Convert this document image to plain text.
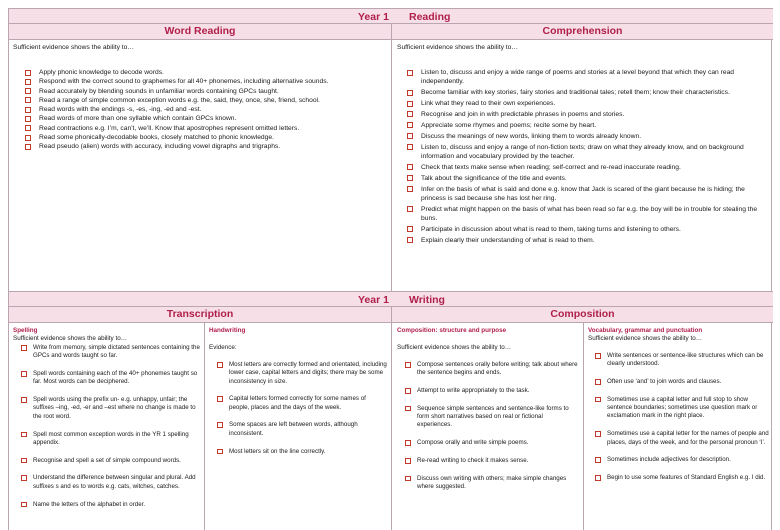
Year 1 Reading
Word Reading	Comprehension
Sufficient evidence shows the ability to…
Apply phonic knowledge to decode words.
Respond with the correct sound to graphemes for all 40+ phonemes, including alternative sounds.
Read accurately by blending sounds in unfamiliar words containing GPCs taught.
Read a range of simple common exception words e.g. the, said, they, once, she, friend, school.
Read words with the endings -s, -es, -ing, -ed and -est.
Read words of more than one syllable which contain GPCs known.
Read contractions e.g. I’m, can’t, we’ll. Know that apostrophes represent omitted letters.
Read some phonically-decodable books, closely matched to phonic knowledge.
Read pseudo (alien) words with accuracy, including vowel digraphs and trigraphs.
Sufficient evidence shows the ability to…
Listen to, discuss and enjoy a wide range of poems and stories at a level beyond that which they can read independently.
Become familiar with key stories, fairy stories and traditional tales; retell them; know their characteristics.
Link what they read to their own experiences.
Recognise and join in with predictable phrases in poems and stories.
Appreciate some rhymes and poems; recite some by heart.
Discuss the meanings of new words, linking them to words already known.
Listen to, discuss and enjoy a range of non-fiction texts; draw on what they already know, and on background information and vocabulary provided by the teacher.
Check that texts make sense when reading; self-correct and re-read inaccurate reading.
Talk about the significance of the title and events.
Infer on the basis of what is said and done e.g. know that Jack is scared of the giant because he is hiding; the princess is sad because she has lost her ring.
Predict what might happen on the basis of what has been read so far e.g. the boy will be in trouble for stealing the buns.
Participate in discussion about what is read to them, taking turns and listening to others.
Explain clearly their understanding of what is read to them.
Year 1 Writing
Transcription	Composition
Spelling
Sufficient evidence shows the ability to…
Write from memory, simple dictated sentences containing the GPCs and words taught so far.
Spell words containing each of the 40+ phonemes taught so far. Most words can be deciphered.
Spell words using the prefix un- e.g. unhappy, unfair; the suffixes –ing, -ed, -er and –est where no change is made to the root word.
Spell most common exception words in the YR 1 spelling appendix.
Recognise and spell a set of simple compound words.
Understand the difference between singular and plural. Add suffixes s and es to words e.g. cats, witches, catches.
Name the letters of the alphabet in order.
Handwriting
Evidence:
Most letters are correctly formed and orientated, including lower case, capital letters and digits; there may be some inconsistency in size.
Capital letters formed correctly for some names of people, places and the days of the week.
Some spaces are left between words, although inconsistent.
Most letters sit on the line correctly.
Composition: structure and purpose
Sufficient evidence shows the ability to…
Compose sentences orally before writing; talk about where the sentence begins and ends.
Attempt to write appropriately to the task.
Sequence simple sentences and sentence-like forms to form short narratives based on real or fictional experiences.
Compose orally and write simple poems.
Re-read writing to check it makes sense.
Discuss own writing with others; make simple changes where suggested.
Vocabulary, grammar and punctuation
Sufficient evidence shows the ability to…
Write sentences or sentence-like structures which can be clearly understood.
Often use ‘and’ to join words and clauses.
Sometimes use a capital letter and full stop to show sentence boundaries; sometimes use question mark or exclamation mark in the right place.
Sometimes use a capital letter for the names of people and places, days of the week, and for the personal pronoun ‘I’.
Sometimes include adjectives for description.
Begin to use some features of Standard English e.g. I did.
